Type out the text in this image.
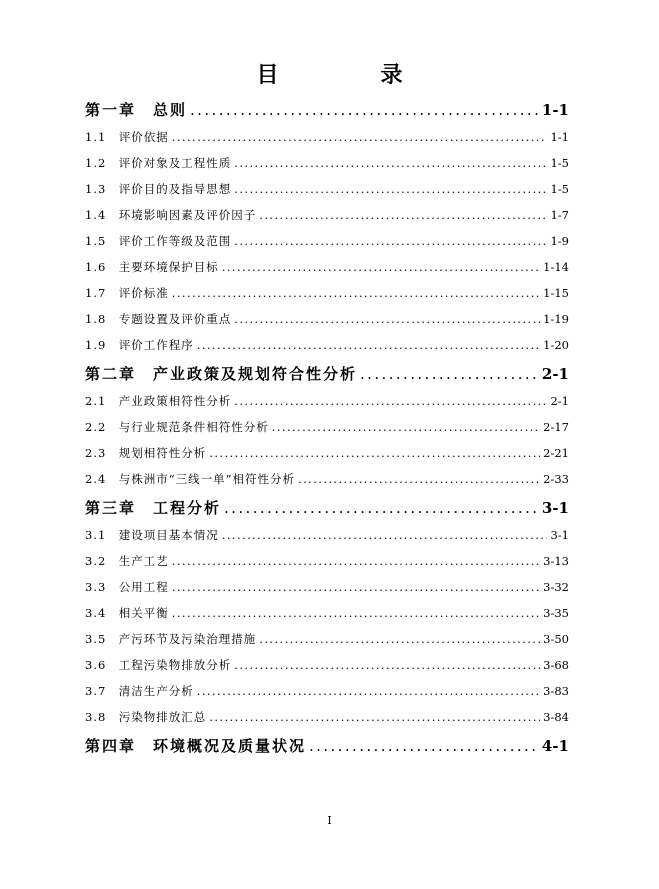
目　录
第一章　总则 .....	1-1
1.1　评价依据 .....	1-1
1.2　评价对象及工程性质 .....	1-5
1.3　评价目的及指导思想 .....	1-5
1.4　环境影响因素及评价因子 .....	1-7
1.5　评价工作等级及范围 .....	1-9
1.6　主要环境保护目标 .....	1-14
1.7　评价标准 .....	1-15
1.8　专题设置及评价重点 .....	1-19
1.9　评价工作程序 .....	1-20
第二章　产业政策及规划符合性分析 .....	2-1
2.1　产业政策相符性分析 .....	2-1
2.2　与行业规范条件相符性分析 .....	2-17
2.3　规划相符性分析 .....	2-21
2.4　与株洲市“三线一单”相符性分析 .....	2-33
第三章　工程分析 .....	3-1
3.1　建设项目基本情况 .....	3-1
3.2　生产工艺 .....	3-13
3.3　公用工程 .....	3-32
3.4　相关平衡 .....	3-35
3.5　产污环节及污染治理措施 .....	3-50
3.6　工程污染物排放分析 .....	3-68
3.7　清洁生产分析 .....	3-83
3.8　污染物排放汇总 .....	3-84
第四章　环境概况及质量状况 .....	4-1
I
